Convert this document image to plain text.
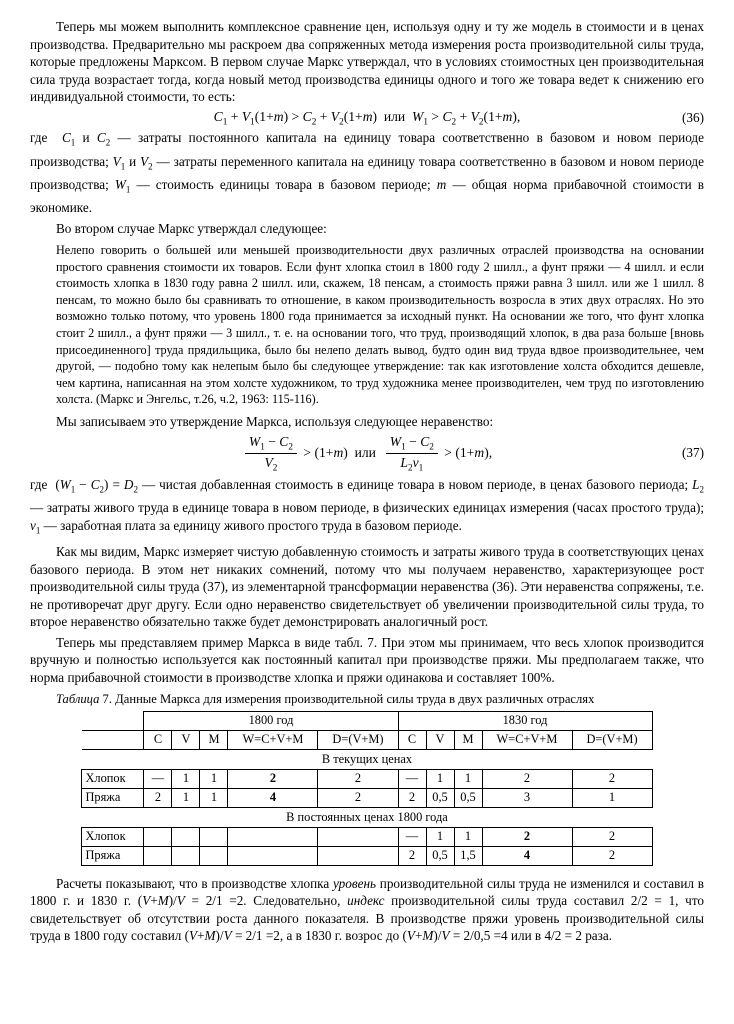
Теперь мы можем выполнить комплексное сравнение цен, используя одну и ту же модель в стоимости и в ценах производства. Предварительно мы раскроем два сопряженных метода измерения роста производительной силы труда, которые предложены Марксом. В первом случае Маркс утверждал, что в условиях стоимостных цен производительная сила труда возрастает тогда, когда новый метод производства единицы одного и того же товара ведет к снижению его индивидуальной стоимости, то есть:

$C_1 + V_1(1+m) > C_2 + V_2(1+m)$  или  $W_1 > C_2 + V_2(1+m)$,	(36)

где  $C_1$ и $C_2$ — затраты постоянного капитала на единицу товара соответственно в базовом и новом периоде производства; $V_1$ и $V_2$ — затраты переменного капитала на единицу товара соответственно в базовом и новом периоде производства; $W_1$ — стоимость единицы товара в базовом периоде; m — общая норма прибавочной стоимости в экономике.

Во втором случае Маркс утверждал следующее:

Нелепо говорить о большей или меньшей производительности двух различных отраслей производства на основании простого сравнения стоимости их товаров. Если фунт хлопка стоил в 1800 году 2 шилл., а фунт пряжи — 4 шилл. и если стоимость хлопка в 1830 году равна 2 шилл. или, скажем, 18 пенсам, а стоимость пряжи равна 3 шилл. или же 1 шилл. 8 пенсам, то можно было бы сравнивать то отношение, в каком производительность возросла в этих двух отраслях. Но это возможно только потому, что уровень 1800 года принимается за исходный пункт. На основании же того, что фунт хлопка стоит 2 шилл., а фунт пряжи — 3 шилл., т. е. на основании того, что труд, производящий хлопок, в два раза больше [вновь присоединенного] труда прядильщика, было бы нелепо делать вывод, будто один вид труда вдвое производительнее, чем другой, — подобно тому как нелепым было бы следующее утверждение: так как изготовление холста обходится дешевле, чем картина, написанная на этом холсте художником, то труд художника менее производителен, чем труд по изготовлению холста. (Маркс и Энгельс, т.26, ч.2, 1963: 115-116).

Мы записываем это утверждение Маркса, используя следующее неравенство:

$\frac{W_1 - C_2}{V_2} > (1+m)$  или $\frac{W_1 - C_2}{L_2v_1} > (1+m)$,	(37)

где  $(W_1 - C_2) = D_2$ — чистая добавленная стоимость в единице товара в новом периоде, в ценах базового периода; $L_2$ — затраты живого труда в единице товара в новом периоде, в физических единицах измерения (часах простого труда); $v_1$ — заработная плата за единицу живого простого труда в базовом периоде.

Как мы видим, Маркс измеряет чистую добавленную стоимость и затраты живого труда в соответствующих ценах базового периода. В этом нет никаких сомнений, потому что мы получаем неравенство, характеризующее рост производительной силы труда (37), из элементарной трансформации неравенства (36). Эти неравенства сопряжены, т.е. не противоречат друг другу. Если одно неравенство свидетельствует об увеличении производительной силы труда, то второе неравенство обязательно также будет демонстрировать аналогичный рост.

Теперь мы представляем пример Маркса в виде табл. 7. При этом мы принимаем, что весь хлопок производится вручную и полностью используется как постоянный капитал при производстве пряжи. Мы предполагаем также, что норма прибавочной стоимости в производстве хлопка и пряжи одинакова и составляет 100%.

Таблица 7. Данные Маркса для измерения производительной силы труда в двух различных отраслях

	1800 год					1830 год				
	C	V	M	W=C+V+M	D=(V+M)	C	V	M	W=C+V+M	D=(V+M)
В текущих ценах										
Хлопок	—	1	1	2	2	—	1	1	2	2
Пряжа	2	1	1	4	2	2	0,5	0,5	3	1
В постоянных ценах 1800 года										
Хлопок						—	1	1	2	2
Пряжа						2	0,5	1,5	4	2

Расчеты показывают, что в производстве хлопка уровень производительной силы труда не изменился и составил в 1800 г. и 1830 г. (V+M)/V = 2/1 =2. Следовательно, индекс производительной силы труда составил 2/2 = 1, что свидетельствует об отсутствии роста данного показателя. В производстве пряжи уровень производительной силы труда в 1800 году составил (V+M)/V = 2/1 =2, а в 1830 г. возрос до (V+M)/V = 2/0,5 =4 или в 4/2 = 2 раза.
